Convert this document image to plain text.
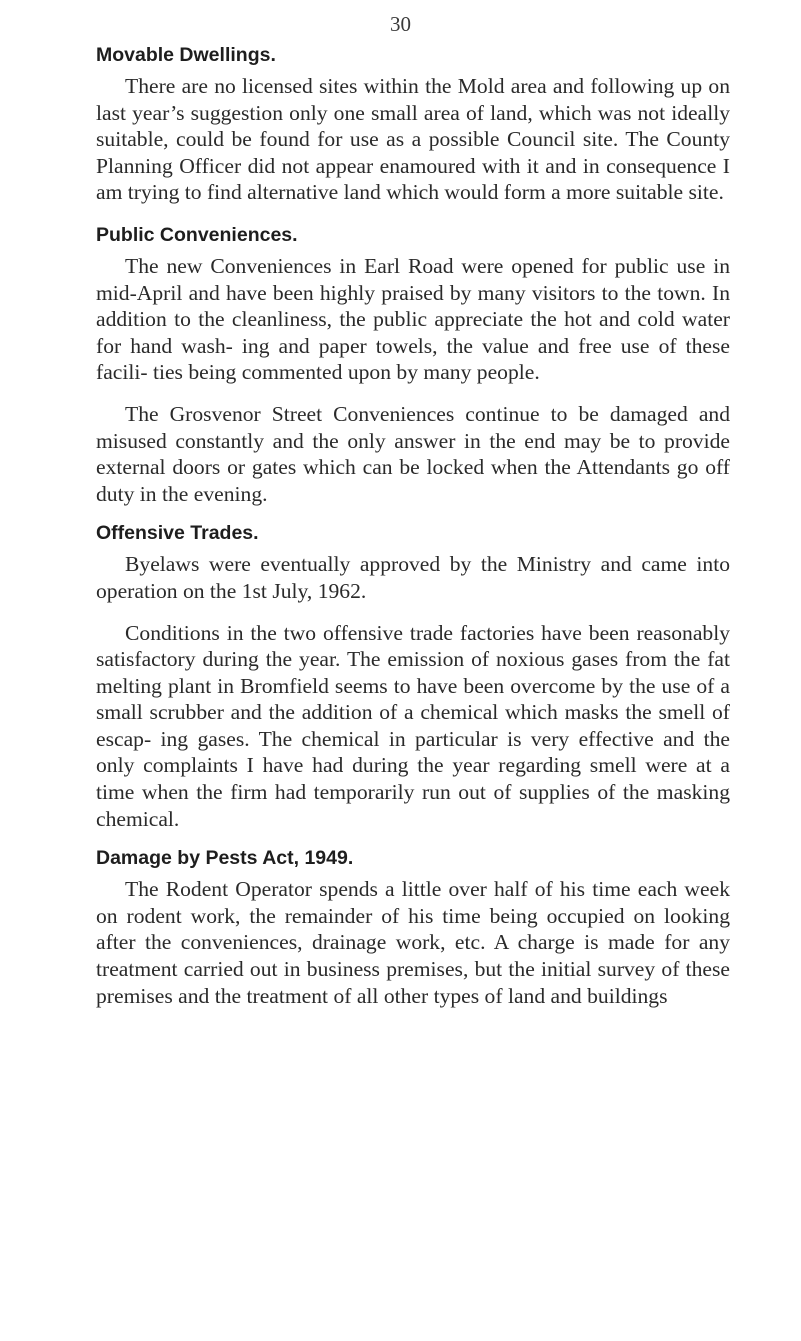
30
Movable Dwellings.

There are no licensed sites within the Mold area and following up on last year’s suggestion only one small area of land, which was not ideally suitable, could be found for use as a possible Council site. The County Planning Officer did not appear enamoured with it and in consequence I am trying to find alternative land which would form a more suitable site.

Public Conveniences.

The new Conveniences in Earl Road were opened for public use in mid-April and have been highly praised by many visitors to the town. In addition to the cleanliness, the public appreciate the hot and cold water for hand wash- ing and paper towels, the value and free use of these facili- ties being commented upon by many people.

The Grosvenor Street Conveniences continue to be damaged and misused constantly and the only answer in the end may be to provide external doors or gates which can be locked when the Attendants go off duty in the evening.

Offensive Trades.

Byelaws were eventually approved by the Ministry and came into operation on the 1st July, 1962.

Conditions in the two offensive trade factories have been reasonably satisfactory during the year. The emission of noxious gases from the fat melting plant in Bromfield seems to have been overcome by the use of a small scrubber and the addition of a chemical which masks the smell of escap- ing gases. The chemical in particular is very effective and the only complaints I have had during the year regarding smell were at a time when the firm had temporarily run out of supplies of the masking chemical.

Damage by Pests Act, 1949.

The Rodent Operator spends a little over half of his time each week on rodent work, the remainder of his time being occupied on looking after the conveniences, drainage work, etc. A charge is made for any treatment carried out in business premises, but the initial survey of these premises and the treatment of all other types of land and buildings
